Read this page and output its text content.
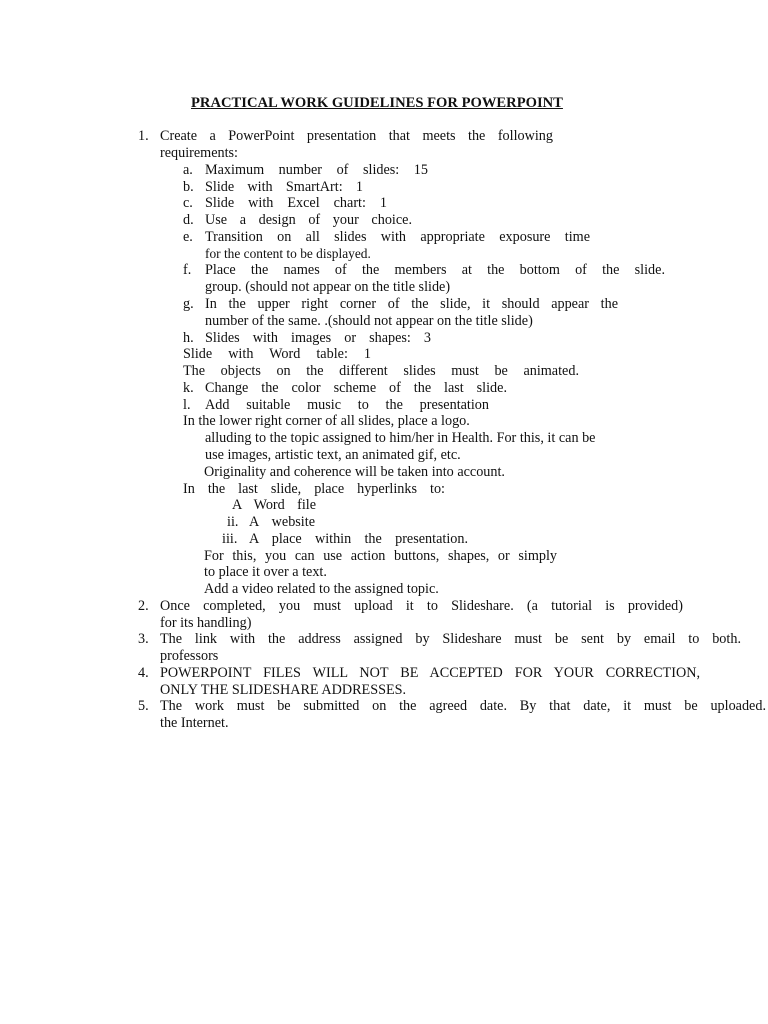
PRACTICAL WORK GUIDELINES FOR POWERPOINT
1. Create a PowerPoint presentation that meets the following
requirements:
a. Maximum number of slides: 15
b. Slide with SmartArt: 1
c. Slide with Excel chart: 1
d. Use a design of your choice.
e. Transition on all slides with appropriate exposure time
for the content to be displayed.
f. Place the names of the members at the bottom of the slide.
group. (should not appear on the title slide)
g. In the upper right corner of the slide, it should appear the
number of the same. .(should not appear on the title slide)
h. Slides with images or shapes: 3
Slide with Word table: 1
The objects on the different slides must be animated.
k. Change the color scheme of the last slide.
l. Add suitable music to the presentation
In the lower right corner of all slides, place a logo.
alluding to the topic assigned to him/her in Health. For this, it can be
use images, artistic text, an animated gif, etc.
Originality and coherence will be taken into account.
In the last slide, place hyperlinks to:
A Word file
ii. A website
iii. A place within the presentation.
For this, you can use action buttons, shapes, or simply
to place it over a text.
Add a video related to the assigned topic.
2. Once completed, you must upload it to Slideshare. (a tutorial is provided)
for its handling)
3. The link with the address assigned by Slideshare must be sent by email to both.
professors
4. POWERPOINT FILES WILL NOT BE ACCEPTED FOR YOUR CORRECTION,
ONLY THE SLIDESHARE ADDRESSES.
5. The work must be submitted on the agreed date. By that date, it must be uploaded.
the Internet.
